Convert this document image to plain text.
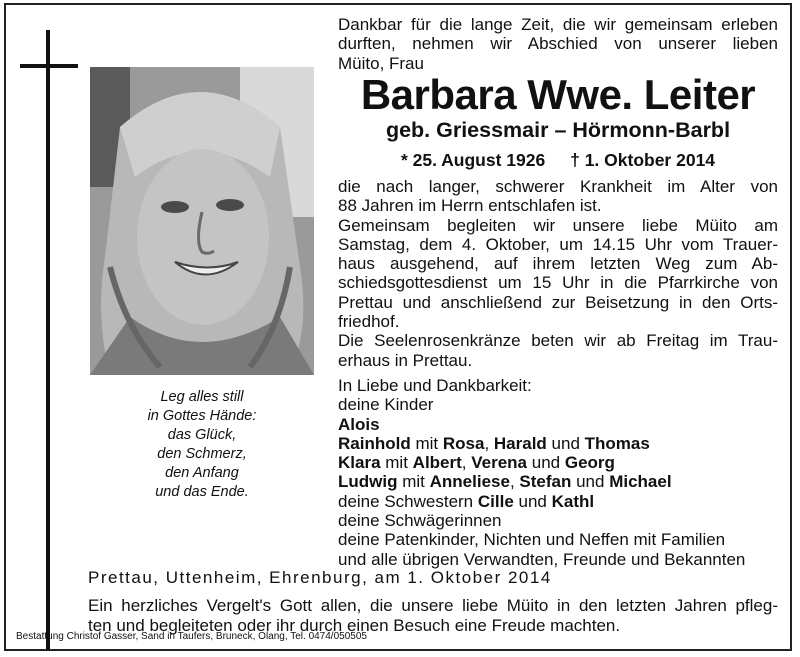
Leg alles still
in Gottes Hände:
das Glück,
den Schmerz,
den Anfang
und das Ende.
Dankbar für die lange Zeit, die wir gemeinsam erleben
durften, nehmen wir Abschied von unserer lieben
Müito, Frau
Barbara Wwe. Leiter
geb. Griessmair – Hörmonn-Barbl
* 25. August 1926 † 1. Oktober 2014

die nach langer, schwerer Krankheit im Alter von
88 Jahren im Herrn entschlafen ist.

Gemeinsam begleiten wir unsere liebe Müito am
Samstag, dem 4. Oktober, um 14.15 Uhr vom Trauer-
haus ausgehend, auf ihrem letzten Weg zum Ab-
schiedsgottesdienst um 15 Uhr in die Pfarrkirche von
Prettau und anschließend zur Beisetzung in den Orts-
friedhof.

Die Seelenrosenkränze beten wir ab Freitag im Trau-
erhaus in Prettau.

In Liebe und Dankbarkeit:
deine Kinder
Alois
Rainhold mit Rosa, Harald und Thomas
Klara mit Albert, Verena und Georg
Ludwig mit Anneliese, Stefan und Michael
deine Schwestern Cille und Kathl
deine Schwägerinnen
deine Patenkinder, Nichten und Neffen mit Familien
und alle übrigen Verwandten, Freunde und Bekannten
Prettau, Uttenheim, Ehrenburg, am 1. Oktober 2014
Ein herzliches Vergelt's Gott allen, die unsere liebe Müito in den letzten Jahren pfleg-
ten und begleiteten oder ihr durch einen Besuch eine Freude machten.
Bestattung Christof Gasser, Sand in Taufers, Bruneck, Olang, Tel. 0474/050505
